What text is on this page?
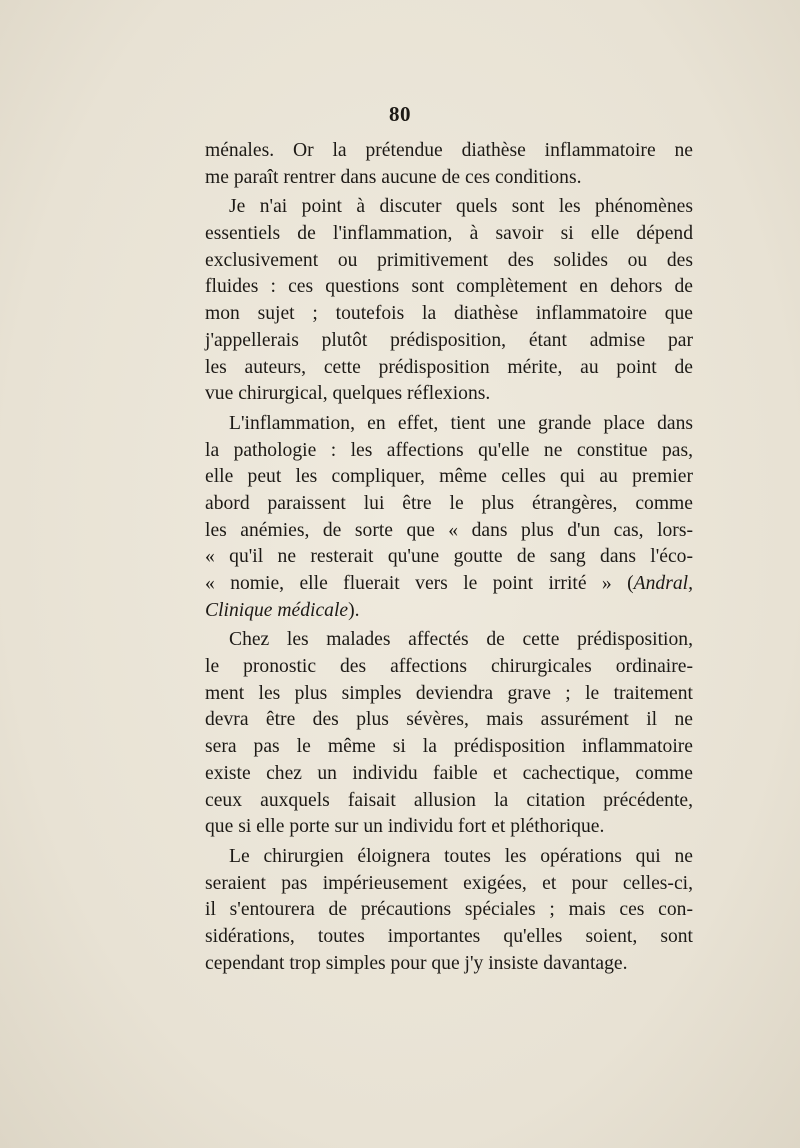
80
ménales. Or la prétendue diathèse inflammatoire ne
me paraît rentrer dans aucune de ces conditions.
Je n'ai point à discuter quels sont les phénomènes
essentiels de l'inflammation, à savoir si elle dépend
exclusivement ou primitivement des solides ou des
fluides : ces questions sont complètement en dehors de
mon sujet ; toutefois la diathèse inflammatoire que
j'appellerais plutôt prédisposition, étant admise par
les auteurs, cette prédisposition mérite, au point de
vue chirurgical, quelques réflexions.
L'inflammation, en effet, tient une grande place dans
la pathologie : les affections qu'elle ne constitue pas,
elle peut les compliquer, même celles qui au premier
abord paraissent lui être le plus étrangères, comme
les anémies, de sorte que « dans plus d'un cas, lors-
« qu'il ne resterait qu'une goutte de sang dans l'éco-
« nomie, elle fluerait vers le point irrité » (Andral,
Clinique médicale).
Chez les malades affectés de cette prédisposition,
le pronostic des affections chirurgicales ordinaire-
ment les plus simples deviendra grave ; le traitement
devra être des plus sévères, mais assurément il ne
sera pas le même si la prédisposition inflammatoire
existe chez un individu faible et cachectique, comme
ceux auxquels faisait allusion la citation précédente,
que si elle porte sur un individu fort et pléthorique.
Le chirurgien éloignera toutes les opérations qui ne
seraient pas impérieusement exigées, et pour celles-ci,
il s'entourera de précautions spéciales ; mais ces con-
sidérations, toutes importantes qu'elles soient, sont
cependant trop simples pour que j'y insiste davantage.
